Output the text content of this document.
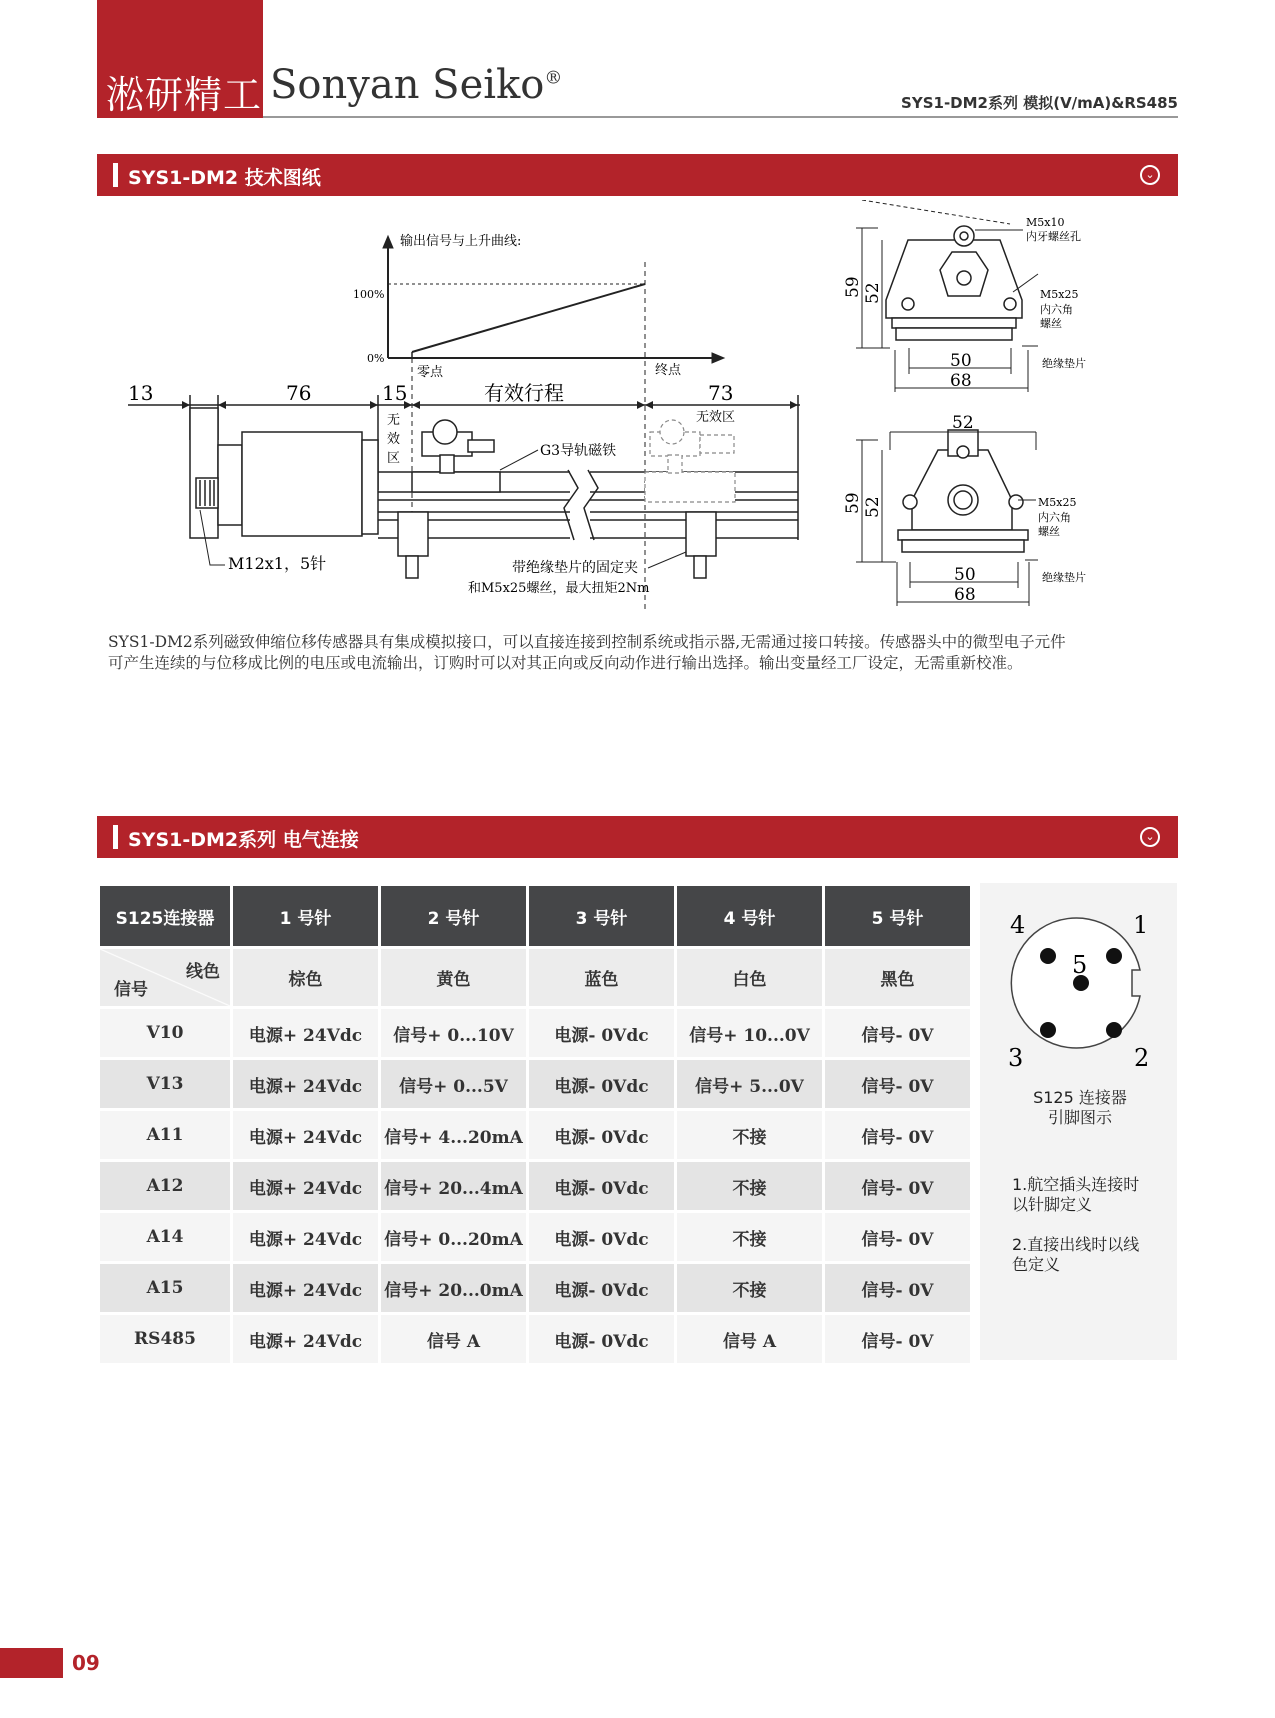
淞研精工 Sonyan Seiko®
SYS1-DM2系列 模拟(V/mA)&RS485
SYS1-DM2 技术图纸	⌄
输出信号与上升曲线:
100%
0%
零点	终点
13	76	15	有效行程	73
无效区
无效区	G3导轨磁铁
M12x1，5针	带绝缘垫片的固定夹
和M5x25螺丝，最大扭矩2Nm
M5x10
内牙螺丝孔
M5x25
内六角
螺丝
绝缘垫片
59 52
50
68
52
M5x25
内六角
螺丝
绝缘垫片
59 52
50
68
SYS1-DM2系列磁致伸缩位移传感器具有集成模拟接口，可以直接连接到控制系统或指示器,无需通过接口转接。传感器头中的微型电子元件
可产生连续的与位移成比例的电压或电流输出，订购时可以对其正向或反向动作进行输出选择。输出变量经工厂设定，无需重新校准。
SYS1-DM2系列 电气连接	⌄
S125连接器	1 号针	2 号针	3 号针	4 号针	5 号针

线色
信号	棕色	黄色	蓝色	白色	黑色
V10	电源+ 24Vdc	信号+ 0...10V	电源- 0Vdc	信号+ 10...0V	信号- 0V
V13	电源+ 24Vdc	信号+ 0...5V	电源- 0Vdc	信号+ 5...0V	信号- 0V
A11	电源+ 24Vdc	信号+ 4...20mA	电源- 0Vdc	不接	信号- 0V
A12	电源+ 24Vdc	信号+ 20...4mA	电源- 0Vdc	不接	信号- 0V
A14	电源+ 24Vdc	信号+ 0...20mA	电源- 0Vdc	不接	信号- 0V
A15	电源+ 24Vdc	信号+ 20...0mA	电源- 0Vdc	不接	信号- 0V
RS485	电源+ 24Vdc	信号 A	电源- 0Vdc	信号 A	信号- 0V
4	1
5
3	2
S125 连接器
引脚图示
1.航空插头连接时
以针脚定义
2.直接出线时以线
色定义
09
